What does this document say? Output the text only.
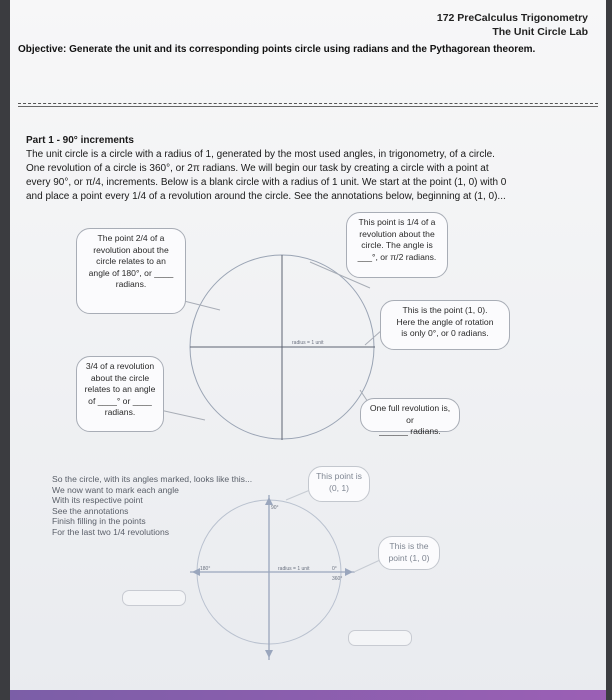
172 PreCalculus Trigonometry
The Unit Circle Lab
Objective: Generate the unit and its corresponding points circle using radians and the Pythagorean theorem.
Part 1 - 90° increments
The unit circle is a circle with a radius of 1, generated by the most used angles, in trigonometry, of a circle.
One revolution of a circle is 360°, or 2π radians. We will begin our task by creating a circle with a point at
every 90°, or π/4, increments. Below is a blank circle with a radius of 1 unit. We start at the point (1, 0) with 0
and place a point every 1/4 of a revolution around the circle. See the annotations below, beginning at (1, 0)...
radius = 1 unit
The point 2/4 of a
revolution about the
circle relates to an
angle of 180°, or ____
radians.
This point is 1/4 of a
revolution about the
circle. The angle is
___°, or π/2 radians.
This is the point (1, 0).
Here the angle of rotation
is only 0°, or 0 radians.
3/4 of a revolution
about the circle
relates to an angle
of ____° or ____
radians.	One full revolution is, or
______ radians.
So the circle, with its angles marked, looks like this...
We now want to mark each angle
With its respective point
See the annotations
Finish filling in the points
For the last two 1/4 revolutions
90°
180°	0°
360°
radius = 1 unit
This point is
(0, 1)
This is the
point (1, 0)
